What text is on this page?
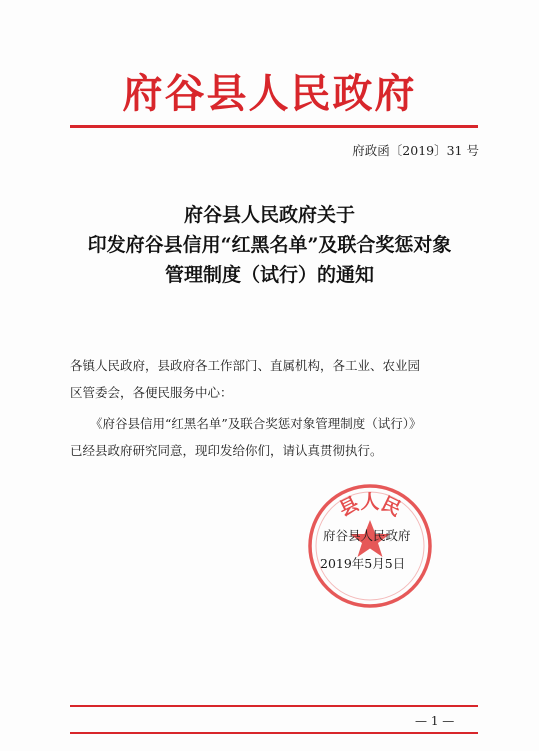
府谷县人民政府
府政函〔2019〕31 号
府谷县人民政府关于
印发府谷县信用“红黑名单”及联合奖惩对象
管理制度（试行）的通知
各镇人民政府，县政府各工作部门、直属机构，各工业、农业园
区管委会，各便民服务中心：
《府谷县信用“红黑名单”及联合奖惩对象管理制度（试行）》
已经县政府研究同意，现印发给你们，请认真贯彻执行。
县人民
府谷县人民政府
2019年5月5日
— 1 —
